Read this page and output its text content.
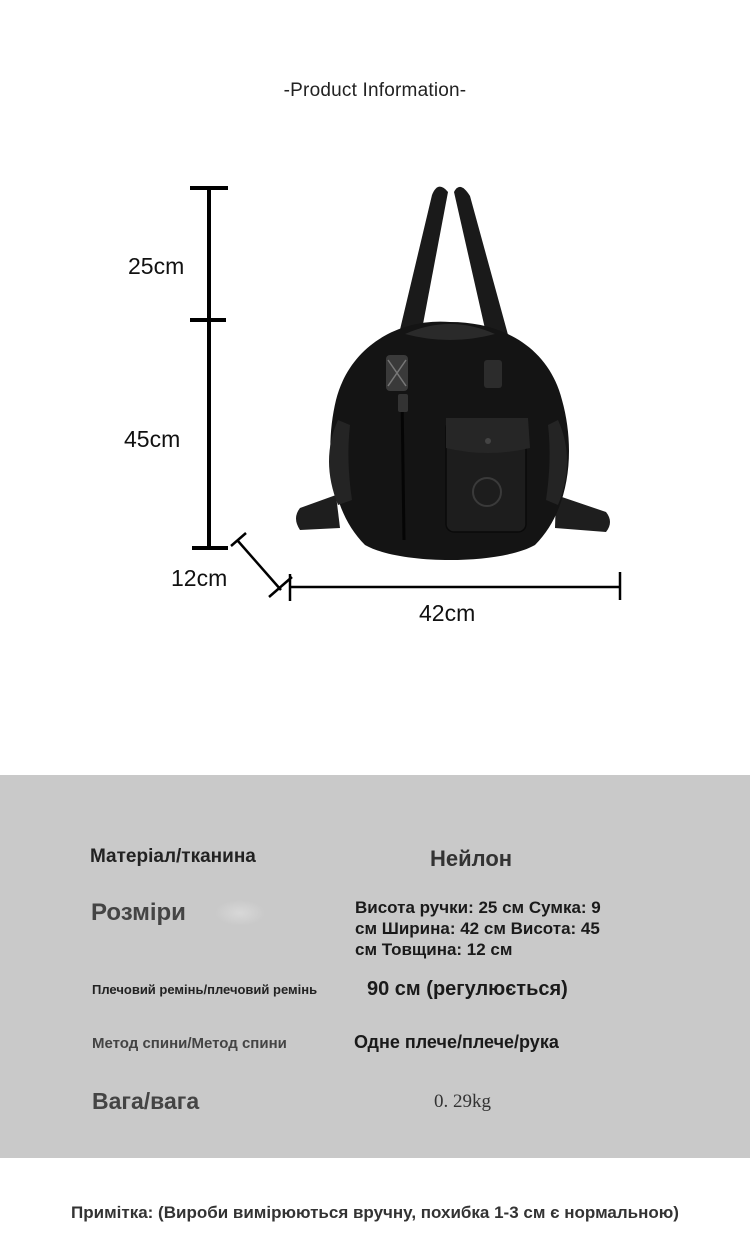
-Product Information-
25cm
45cm
12cm
42cm
Матеріал/тканина	Нейлон
Розміри	Висота ручки: 25 см Сумка: 9
см Ширина: 42 см Висота: 45
см Товщина: 12 см
Плечовий ремінь/плечовий ремінь 90 см (регулюється)
Метод спини/Метод спини	Одне плече/плече/рука
Вага/вага	0. 29kg
Примітка: (Вироби вимірюються вручну, похибка 1-3 см є нормальною)
